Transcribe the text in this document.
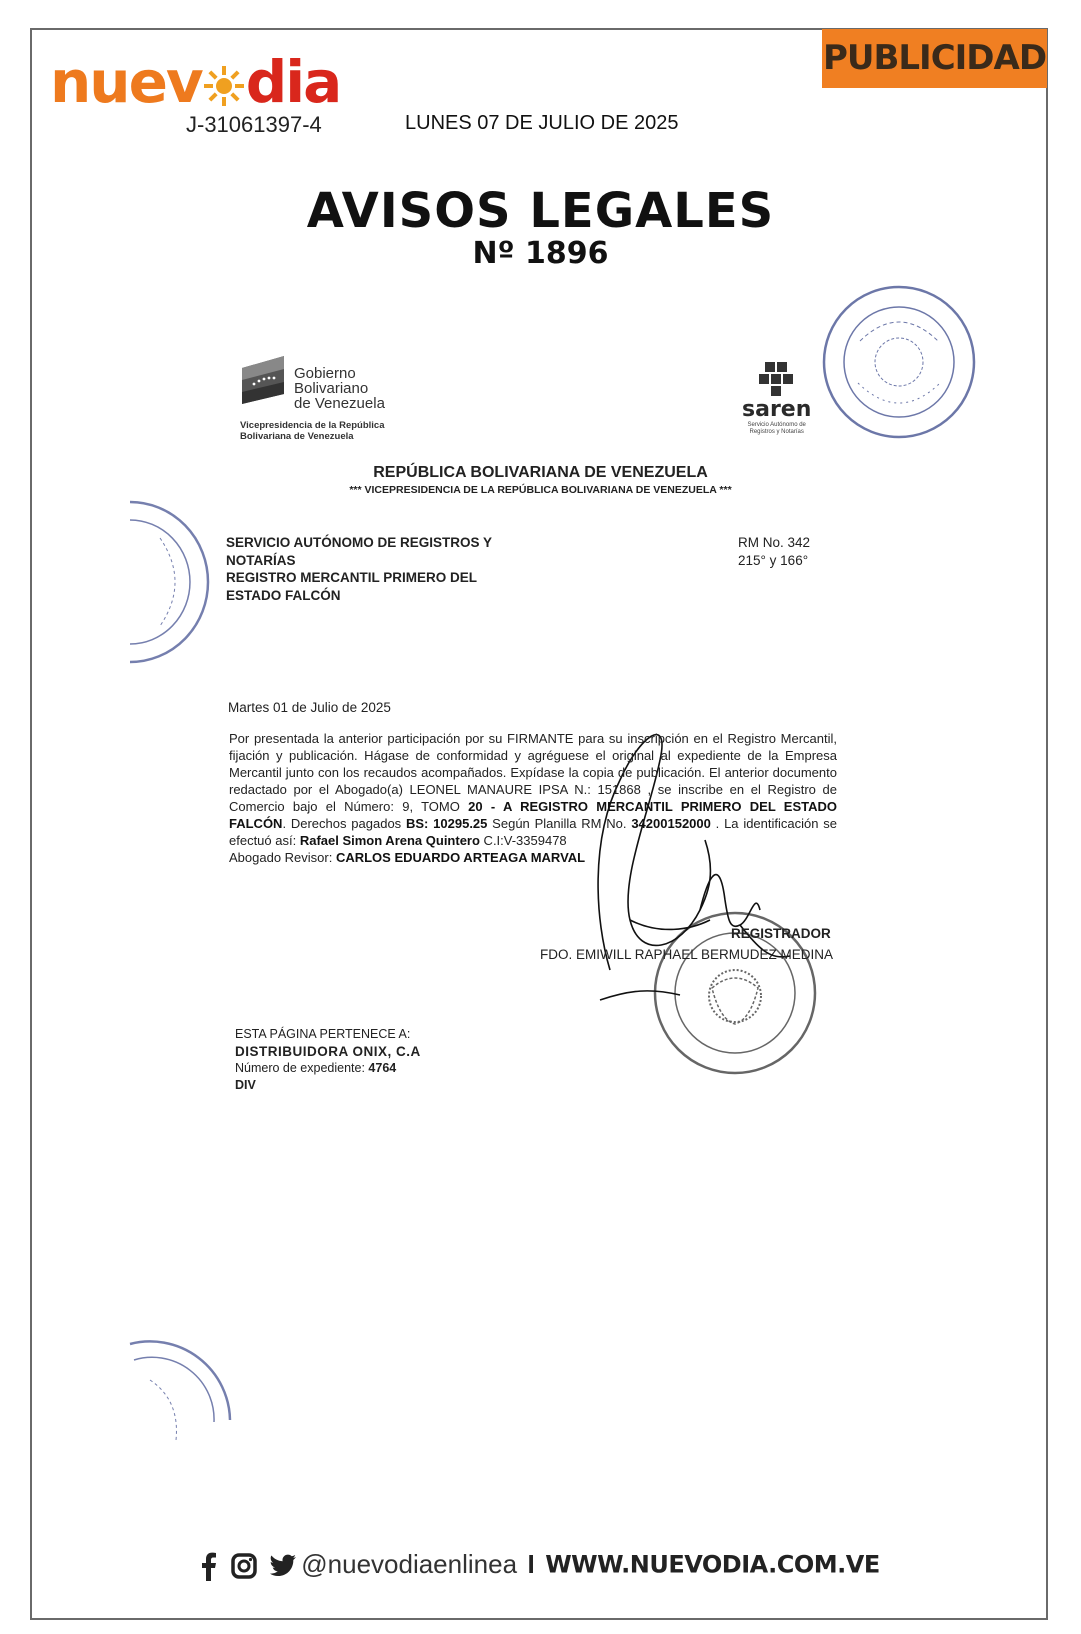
nuev dia
J-31061397-4	LUNES 07 DE JULIO DE 2025
PUBLICIDAD
AVISOS LEGALES
Nº 1896
Gobierno
Bolivariano
de Venezuela
Vicepresidencia de la República
Bolivariana de Venezuela
saren
Servicio Autónomo de
Registros y Notarías
REPÚBLICA BOLIVARIANA DE VENEZUELA
*** VICEPRESIDENCIA DE LA REPÚBLICA BOLIVARIANA DE VENEZUELA ***
SERVICIO AUTÓNOMO DE REGISTROS Y
NOTARÍAS
REGISTRO MERCANTIL PRIMERO DEL
ESTADO FALCÓN
RM No. 342
215° y 166°
Martes 01 de Julio de 2025
Por presentada la anterior participación por su FIRMANTE para su inscripción en el Registro Mercantil, fijación y publicación. Hágase de conformidad y agréguese el original al expediente de la Empresa Mercantil junto con los recaudos acompañados. Expídase la copia de publicación. El anterior documento redactado por el Abogado(a) LEONEL MANAURE IPSA N.: 151868 , se inscribe en el Registro de Comercio bajo el Número: 9, TOMO 20 - A REGISTRO MERCANTIL PRIMERO DEL ESTADO FALCÓN. Derechos pagados BS: 10295.25 Según Planilla RM No. 34200152000 . La identificación se efectuó así: Rafael Simon Arena Quintero C.I:V-3359478
Abogado Revisor: CARLOS EDUARDO ARTEAGA MARVAL
REGISTRADOR
FDO. EMIWILL RAPHAEL BERMUDEZ MEDINA
ESTA PÁGINA PERTENECE A:
DISTRIBUIDORA ONIX, C.A
Número de expediente: 4764
DIV
@nuevodiaenlinea I WWW.NUEVODIA.COM.VE
